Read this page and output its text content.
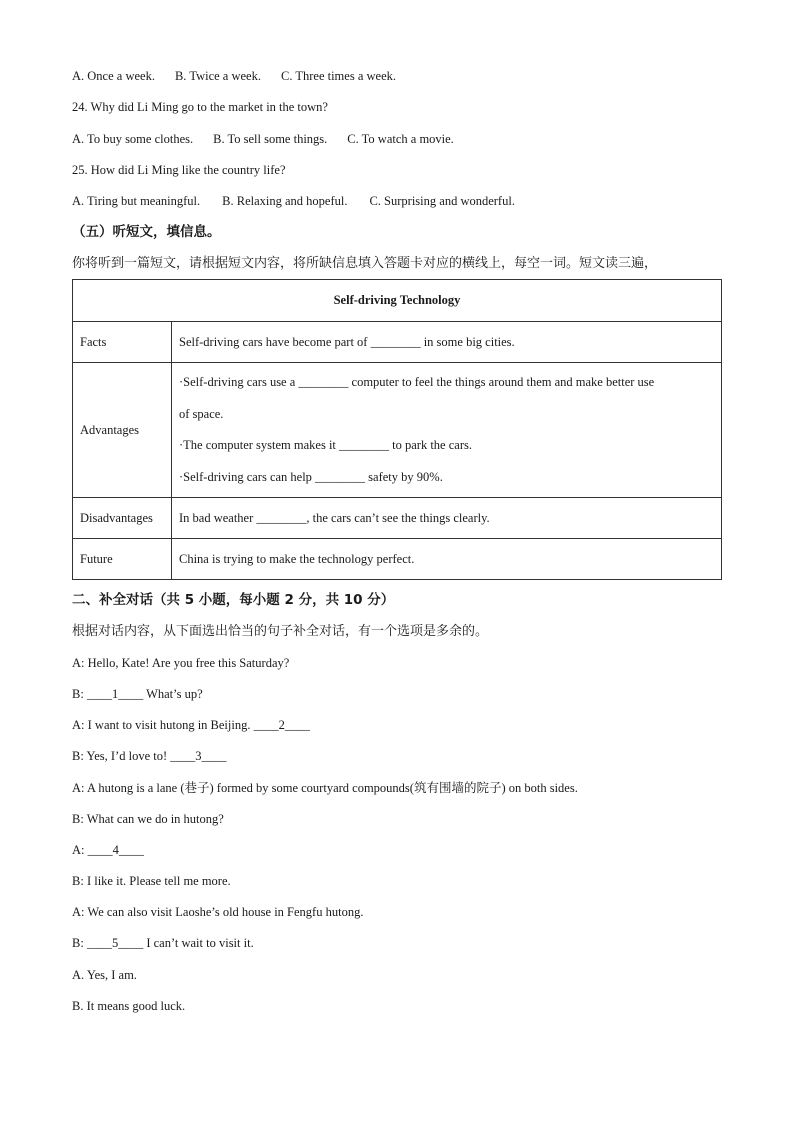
A. Once a week. B. Twice a week. C. Three times a week.
24. Why did Li Ming go to the market in the town?
A. To buy some clothes. B. To sell some things. C. To watch a movie.
25. How did Li Ming like the country life?
A. Tiring but meaningful. B. Relaxing and hopeful. C. Surprising and wonderful.
（五）听短文，填信息。
你将听到一篇短文，请根据短文内容，将所缺信息填入答题卡对应的横线上，每空一词。短文读三遍，
Self-driving Technology	
Facts	Self-driving cars have become part of ________ in some big cities.
Advantages	·Self-driving cars use a ________ computer to feel the things around them and make better use
of space.
·The computer system makes it ________ to park the cars.
·Self-driving cars can help ________ safety by 90%.

Disadvantages	In bad weather ________, the cars can’t see the things clearly.
Future	China is trying to make the technology perfect.
二、补全对话（共 5 小题，每小题 2 分，共 10 分）
根据对话内容，从下面选出恰当的句子补全对话，有一个选项是多余的。
A: Hello, Kate! Are you free this Saturday?
B: ____1____ What’s up?
A: I want to visit hutong in Beijing. ____2____
B: Yes, I’d love to! ____3____
A: A hutong is a lane (巷子) formed by some courtyard compounds(筑有围墙的院子) on both sides.
B: What can we do in hutong?
A: ____4____
B: I like it. Please tell me more.
A: We can also visit Laoshe’s old house in Fengfu hutong.
B: ____5____ I can’t wait to visit it.
A. Yes, I am.
B. It means good luck.
